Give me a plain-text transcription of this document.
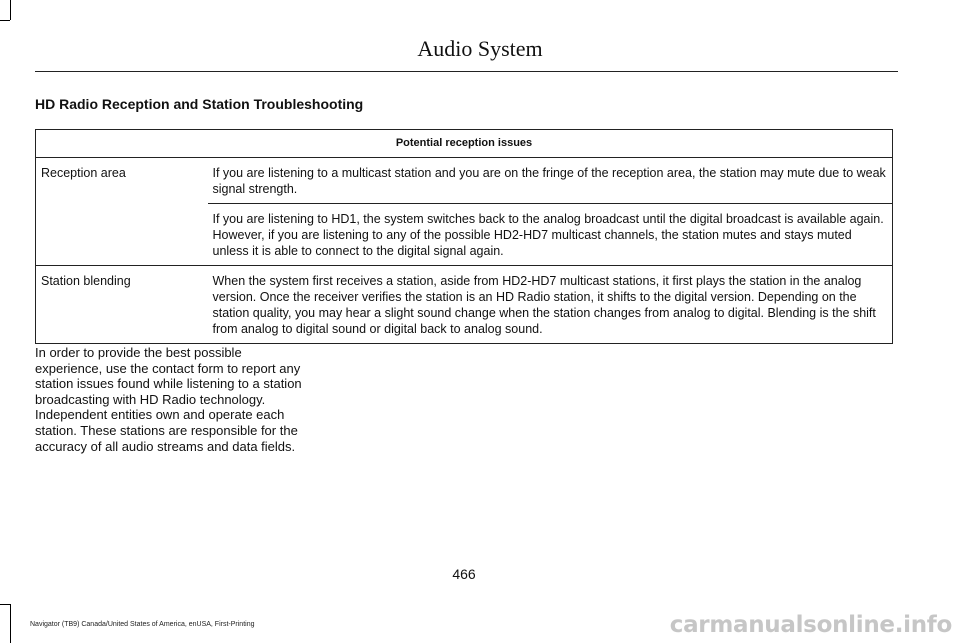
Audio System
HD Radio Reception and Station Troubleshooting
Potential reception issues	
Reception area	If you are listening to a multicast station and you are on the fringe of the reception area, the station may mute due to weak signal strength.
	If you are listening to HD1, the system switches back to the analog broadcast until the digital broadcast is available again. However, if you are listening to any of the possible HD2-HD7 multicast channels, the station mutes and stays muted unless it is able to connect to the digital signal again.
Station blending	When the system first receives a station, aside from HD2-HD7 multicast stations, it first plays the station in the analog version. Once the receiver verifies the station is an HD Radio station, it shifts to the digital version. Depending on the station quality, you may hear a slight sound change when the station changes from analog to digital. Blending is the shift from analog to digital sound or digital back to analog sound.

In order to provide the best possible experience, use the contact form to report any station issues found while listening to a station broadcasting with HD Radio technology. Independent entities own and operate each station. These stations are responsible for the accuracy of all audio streams and data fields.

466
Navigator (TB9) Canada/United States of America, enUSA, First-Printing	carmanualsonline.info
